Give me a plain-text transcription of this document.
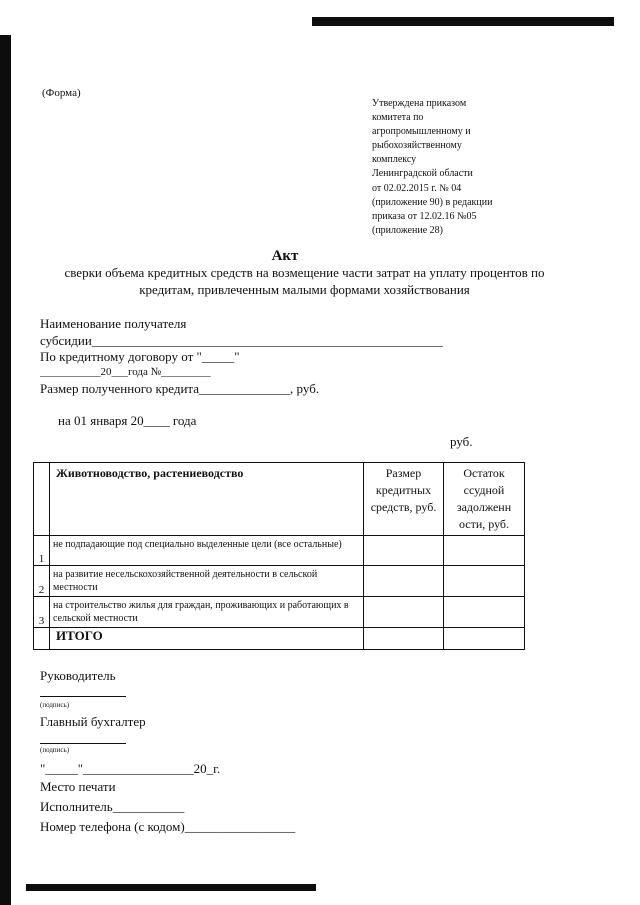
(Форма)
Утверждена приказом
комитета по
агропромышленному и
рыбохозяйственному
комплексу
Ленинградской области
от 02.02.2015 г. № 04
(приложение 90) в редакции
приказа от 12.02.16 №05
(приложение 28)
Акт
сверки объема кредитных средств на возмещение части затрат на уплату процентов по кредитам, привлеченным малыми формами хозяйствования
Наименование получателя
субсидии______________________________________________________
По кредитному договору от "_____"
___________20___года №_________
Размер полученного кредита______________, руб.
на 01 января 20____ года
руб.
	Животноводство, растениеводство	Размер кредитных средств, руб.	Остаток ссудной задолженн ости, руб.
1	не подпадающие под специально выделенные цели (все остальные)		
2	на развитие несельскохозяйственной деятельности в сельской местности		
3	на строительство жилья для граждан, проживающих и работающих в сельской местности		
	ИТОГО		
Руководитель
(подпись)
Главный бухгалтер
(подпись)
"_____"_________________20_г.
Место печати
Исполнитель___________
Номер телефона (с кодом)_________________
